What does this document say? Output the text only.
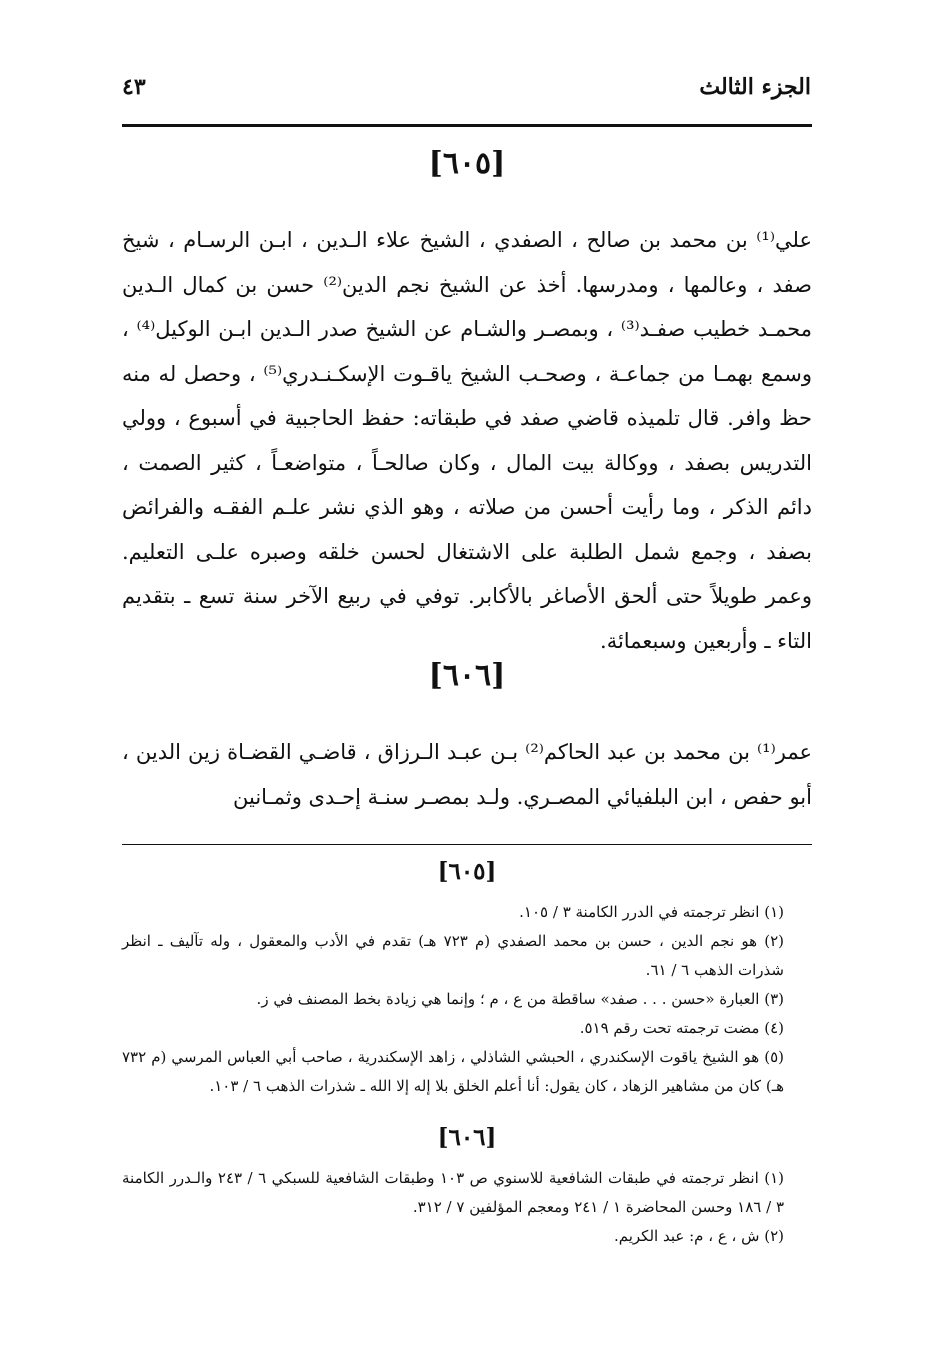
الجزء الثالث
٤٣
[٦٠٥]

علي⁽¹⁾ بن محمد بن صالح ، الصفدي ، الشيخ علاء الـدين ، ابـن الرسـام ، شيخ صفد ، وعالمها ، ومدرسها. أخذ عن الشيخ نجم الدين⁽²⁾ حسن بن كمال الـدين محمـد خطيب صفـد⁽³⁾ ، وبمصـر والشـام عن الشيخ صدر الـدين ابـن الوكيل⁽⁴⁾ ، وسمع بهمـا من جماعـة ، وصحـب الشيخ ياقـوت الإسكـنـدري⁽⁵⁾ ، وحصل له منه حظ وافر. قال تلميذه قاضي صفد في طبقاته: حفظ الحاجبية في أسبوع ، وولي التدريس بصفد ، ووكالة بيت المال ، وكان صالحـاً ، متواضعـاً ، كثير الصمت ، دائم الذكر ، وما رأيت أحسن من صلاته ، وهو الذي نشر علـم الفقـه والفرائض بصفد ، وجمع شمل الطلبة على الاشتغال لحسن خلقه وصبره علـى التعليم. وعمر طويلاً حتى ألحق الأصاغر بالأكابر. توفي في ربيع الآخر سنة تسع ـ بتقديم التاء ـ وأربعين وسبعمائة.

[٦٠٦]

عمر⁽¹⁾ بن محمد بن عبد الحاكم⁽²⁾ بـن عبـد الـرزاق ، قاضـي القضـاة زين الدين ، أبو حفص ، ابن البلفيائي المصـري. ولـد بمصـر سنـة إحـدى وثمـانين

[٦٠٥]
(١) انظر ترجمته في الدرر الكامنة ٣ / ١٠٥.
(٢) هو نجم الدين ، حسن بن محمد الصفدي (م ٧٢٣ هـ) تقدم في الأدب والمعقول ، وله تآليف ـ انظر شذرات الذهب ٦ / ٦١.
(٣) العبارة «حسن . . . صفد» ساقطة من ع ، م ؛ وإنما هي زيادة بخط المصنف في ز.
(٤) مضت ترجمته تحت رقم ٥١٩.
(٥) هو الشيخ ياقوت الإسكندري ، الحبشي الشاذلي ، زاهد الإسكندرية ، صاحب أبي العباس المرسي (م ٧٣٢ هـ) كان من مشاهير الزهاد ، كان يقول: أنا أعلم الخلق بلا إله إلا الله ـ شذرات الذهب ٦ / ١٠٣.
[٦٠٦]
(١) انظر ترجمته في طبقات الشافعية للاسنوي ص ١٠٣ وطبقات الشافعية للسبكي ٦ / ٢٤٣ والـدرر الكامنة ٣ / ١٨٦ وحسن المحاضرة ١ / ٢٤١ ومعجم المؤلفين ٧ / ٣١٢.
(٢) ش ، ع ، م: عبد الكريم.
